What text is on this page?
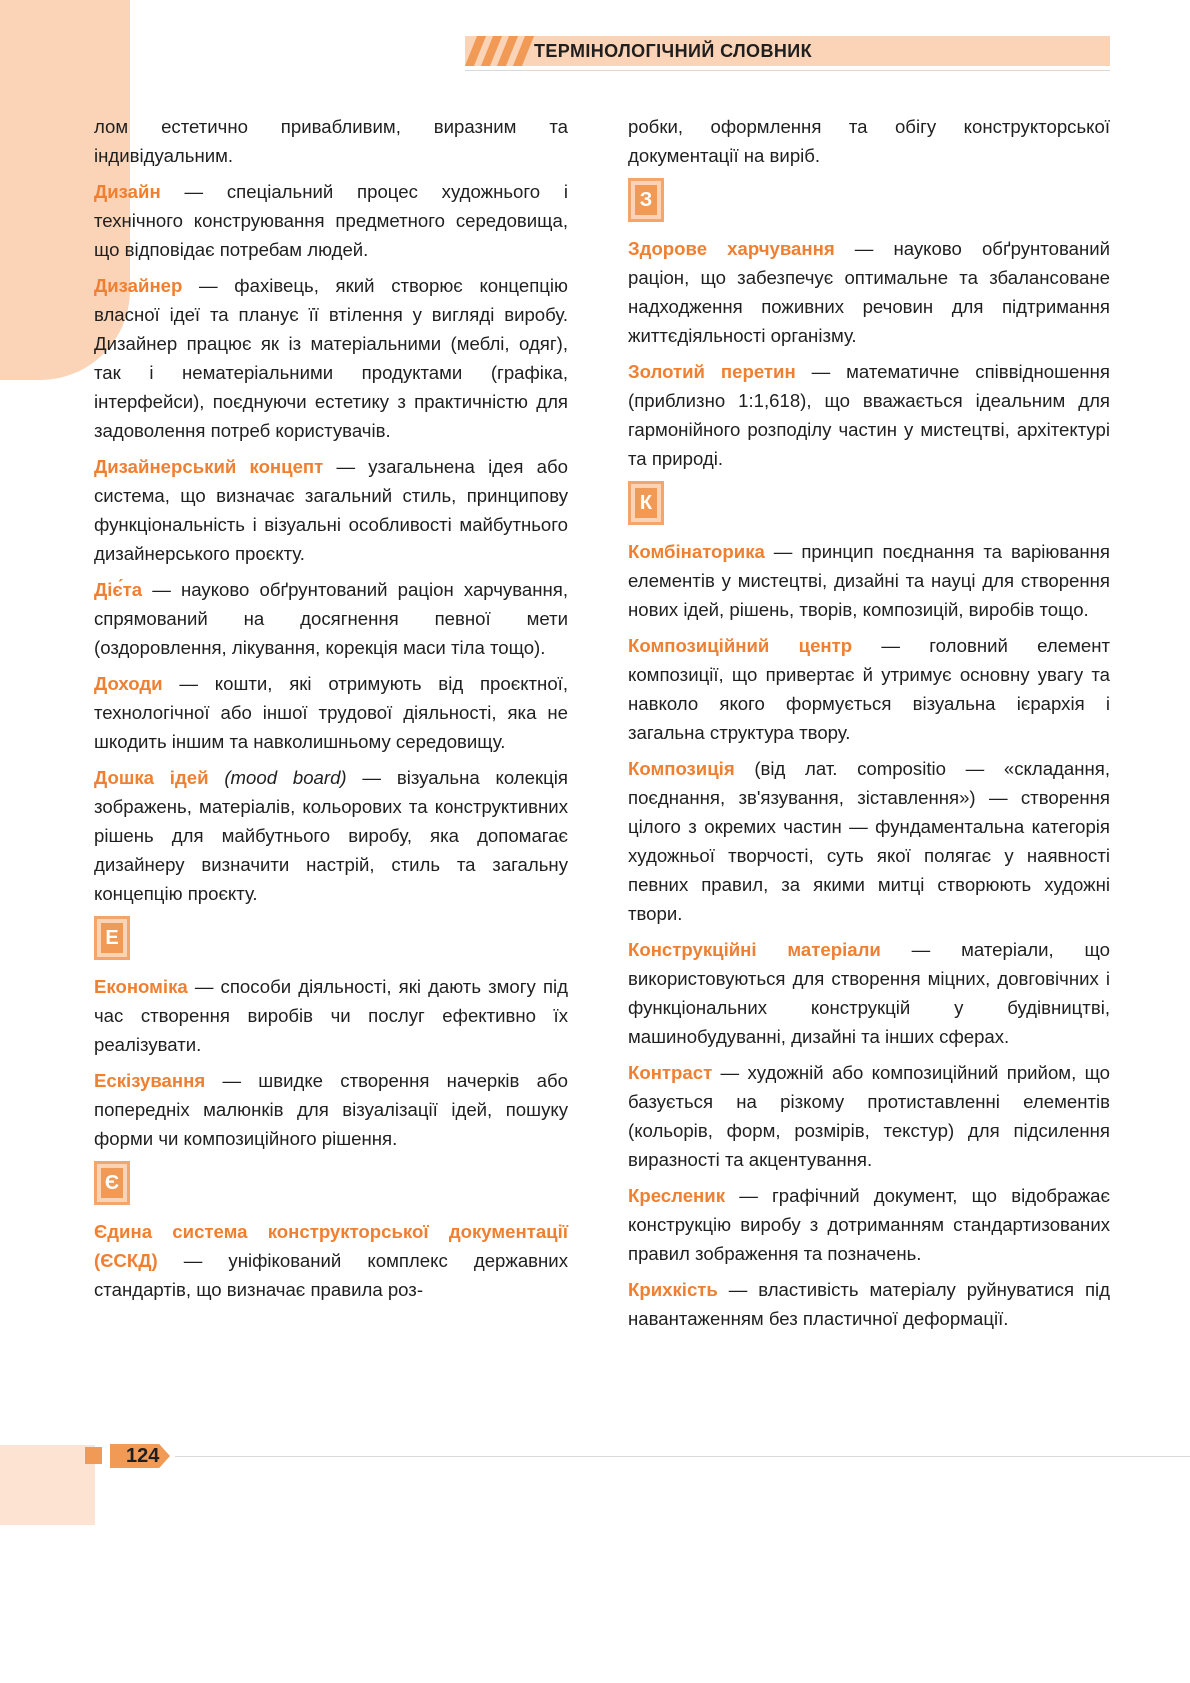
ТЕРМІНОЛОГІЧНИЙ СЛОВНИК

лом естетично привабливим, виразним та індивідуальним.

Дизайн — спеціальний процес художнього і технічного конструювання предметного середовища, що відповідає потребам людей.

Дизайнер — фахівець, який створює концепцію власної ідеї та планує її втілення у вигляді виробу. Дизайнер працює як із матеріальними (меблі, одяг), так і нематеріальними продуктами (графіка, інтерфейси), поєднуючи естетику з практичністю для задоволення потреб користувачів.

Дизайнерський концепт — узагальнена ідея або система, що визначає загальний стиль, принципову функціональність і візуальні особливості майбутнього дизайнерського проєкту.

Діє́та — науково обґрунтований раціон харчування, спрямований на досягнення певної мети (оздоровлення, лікування, корекція маси тіла тощо).

Доходи — кошти, які отримують від проєктної, технологічної або іншої трудової діяльності, яка не шкодить іншим та навколишньому середовищу.

Дошка ідей (mood board) — візуальна колекція зображень, матеріалів, кольорових та конструктивних рішень для майбутнього виробу, яка допомагає дизайнеру визначити настрій, стиль та загальну концепцію проєкту.

Е

Економіка — способи діяльності, які дають змогу під час створення виробів чи послуг ефективно їх реалізувати.

Ескізування — швидке створення начерків або попередніх малюнків для візуалізації ідей, пошуку форми чи композиційного рішення.

Є

Єдина система конструкторської документації (ЄСКД) — уніфікований комплекс державних стандартів, що визначає правила роз-

робки, оформлення та обігу конструкторської документації на виріб.

З

Здорове харчування — науково обґрунтований раціон, що забезпечує оптимальне та збалансоване надходження поживних речовин для підтримання життєдіяльності організму.

Золотий перетин — математичне співвідношення (приблизно 1:1,618), що вважається ідеальним для гармонійного розподілу частин у мистецтві, архітектурі та природі.

К

Комбінаторика — принцип поєднання та варіювання елементів у мистецтві, дизайні та науці для створення нових ідей, рішень, творів, композицій, виробів тощо.

Композиційний центр — головний елемент композиції, що привертає й утримує основну увагу та навколо якого формується візуальна ієрархія і загальна структура твору.

Композиція (від лат. compositio — «складання, поєднання, зв'язування, зіставлення») — створення цілого з окремих частин — фундаментальна категорія художньої творчості, суть якої полягає у наявності певних правил, за якими митці створюють художні твори.

Конструкційні матеріали — матеріали, що використовуються для створення міцних, довговічних і функціональних конструкцій у будівництві, машинобудуванні, дизайні та інших сферах.

Контраст — художній або композиційний прийом, що базується на різкому протиставленні елементів (кольорів, форм, розмірів, текстур) для підсилення виразності та акцентування.

Кресленик — графічний документ, що відображає конструкцію виробу з дотриманням стандартизованих правил зображення та позначень.

Крихкість — властивість матеріалу руйнуватися під навантаженням без пластичної деформації.

124
